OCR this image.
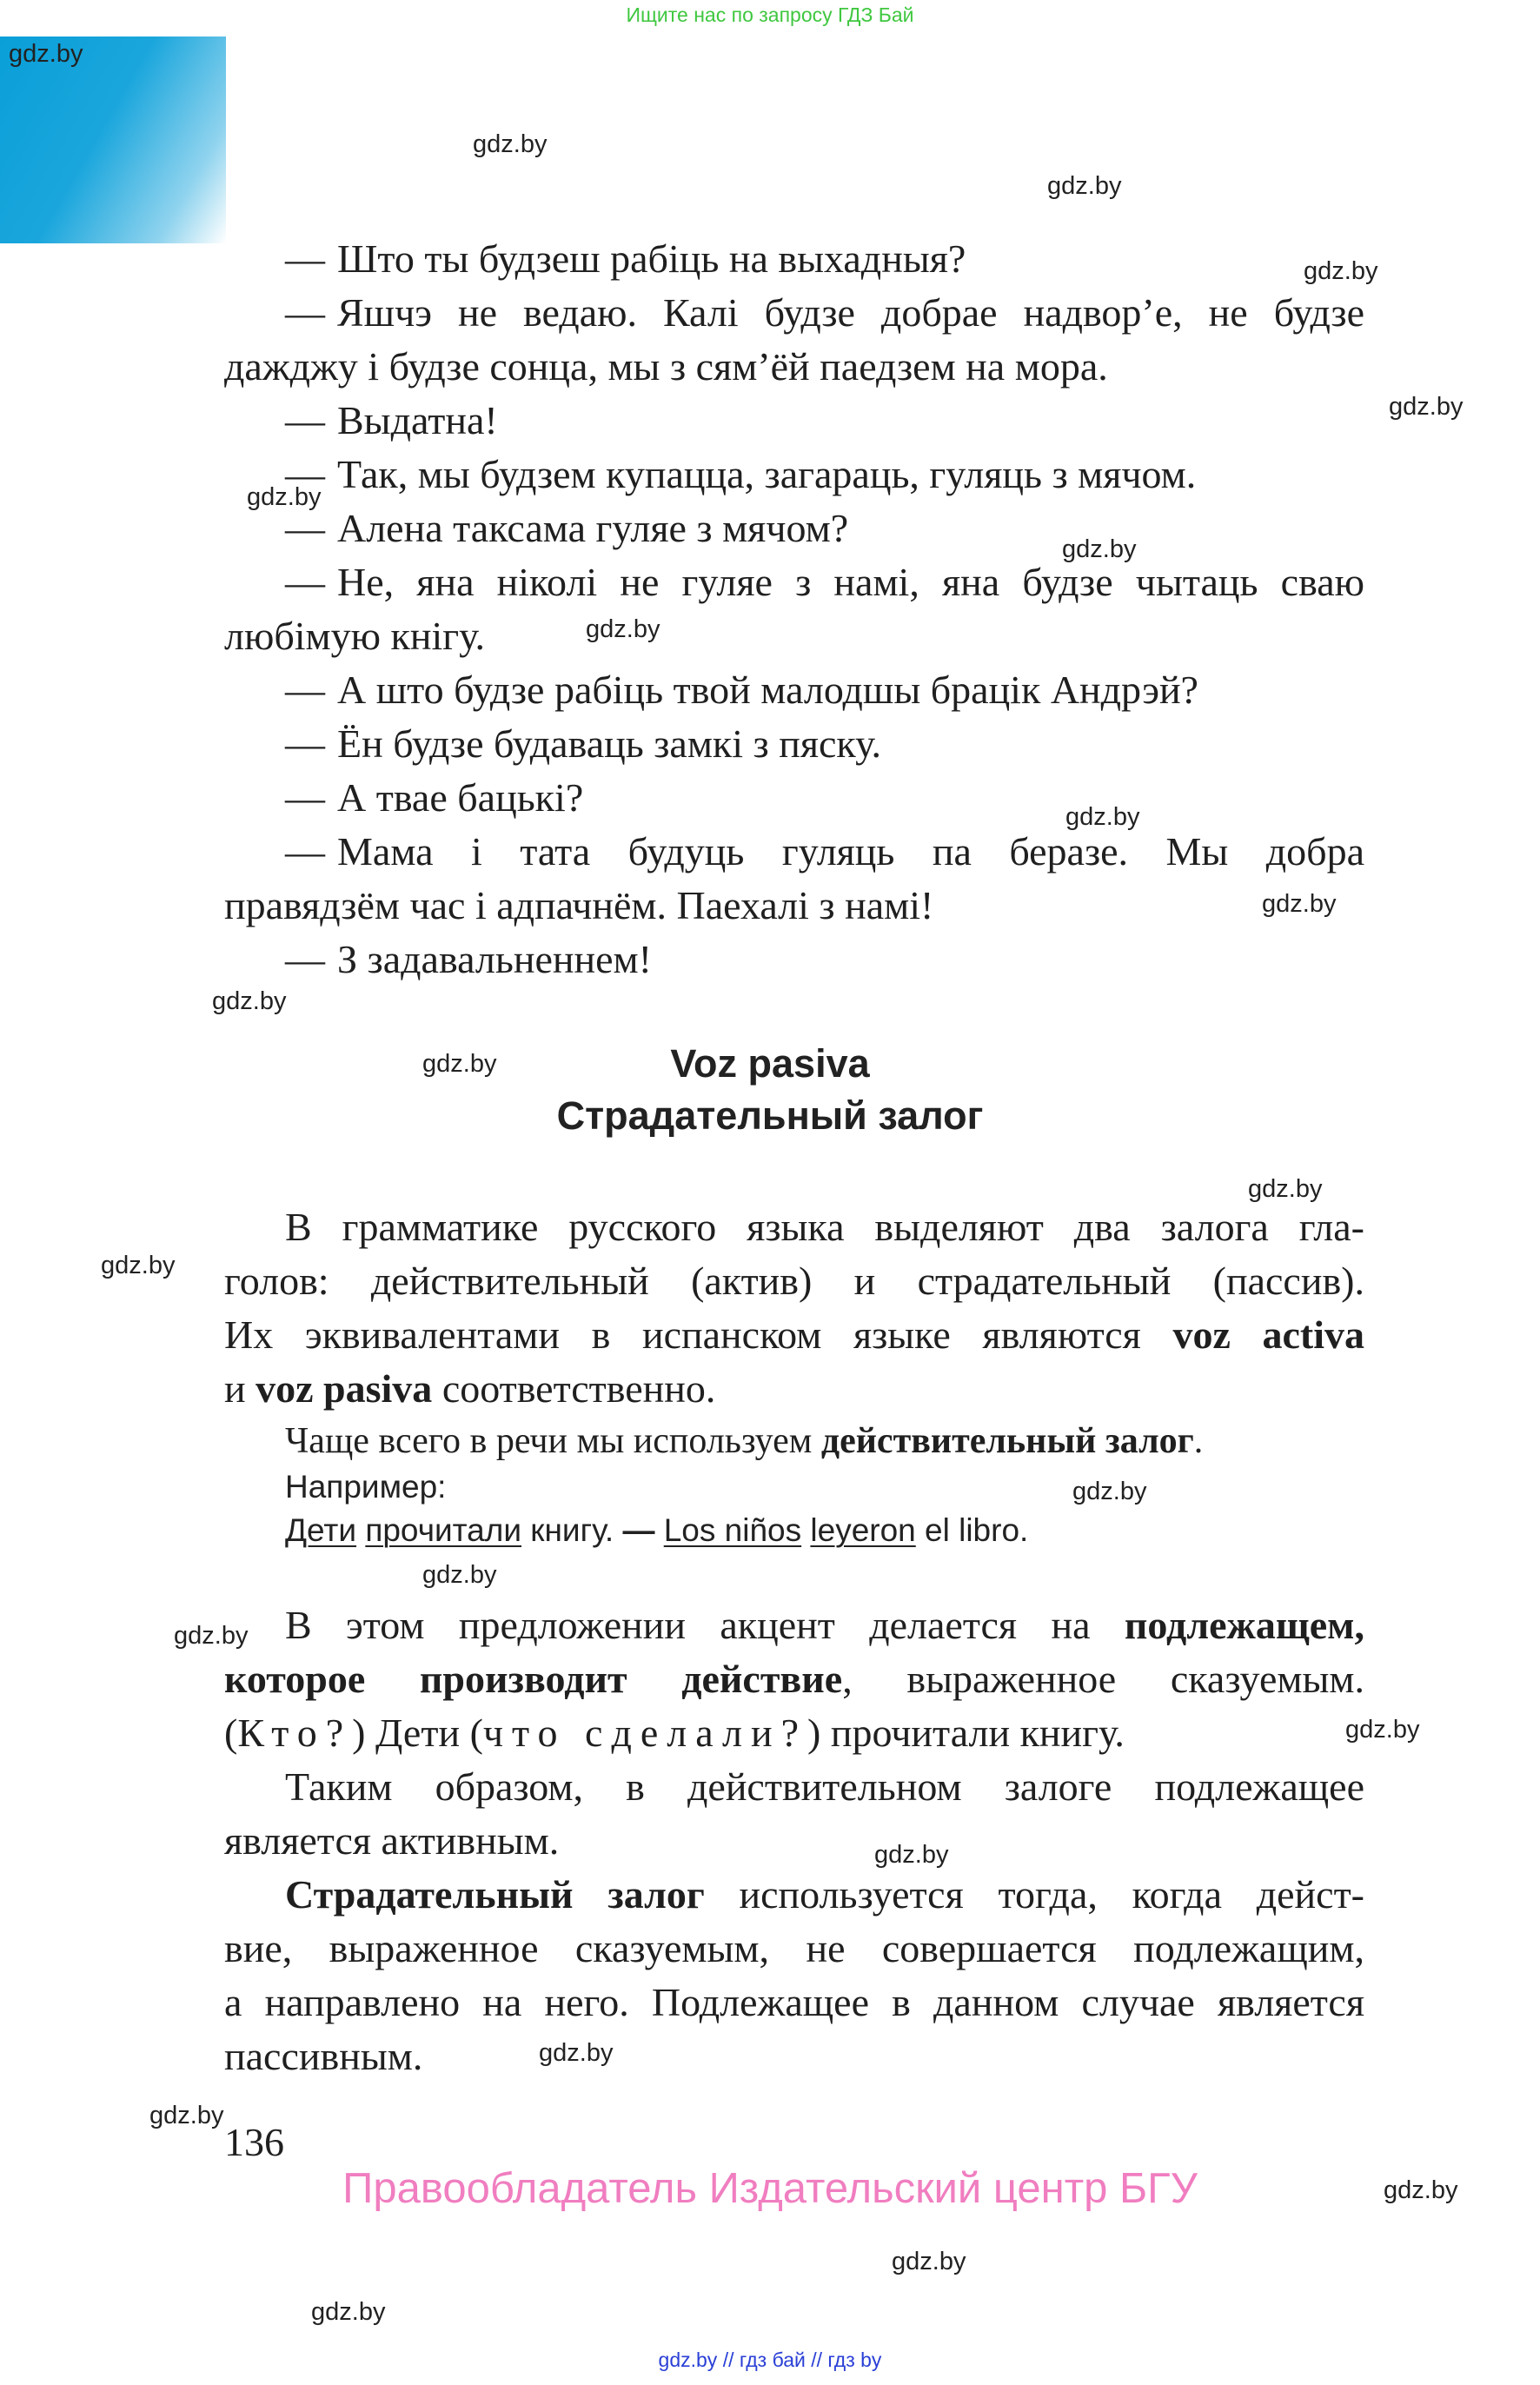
Ищите нас по запросу ГДЗ Бай
gdz.by
gdz.by
gdz.by
gdz.by
gdz.by
gdz.by
gdz.by
gdz.by
gdz.by
gdz.by
gdz.by
gdz.by
gdz.by
gdz.by
gdz.by
gdz.by
gdz.by
gdz.by
gdz.by
gdz.by
gdz.by
gdz.by
gdz.by
gdz.by
— Што ты будзеш рабіць на выхадныя?
— Яшчэ не ведаю. Калі будзе добрае надвор’е, не будзе
дажджу і будзе сонца, мы з сям’ёй паедзем на мора.
— Выдатна!
— Так, мы будзем купацца, загараць, гуляць з мячом.
— Алена таксама гуляе з мячом?
— Не, яна ніколі не гуляе з намі, яна будзе чытаць сваю
любімую кнігу.
— А што будзе рабіць твой малодшы брацік Андрэй?
— Ён будзе будаваць замкі з пяску.
— А твае бацькі?
— Мама і тата будуць гуляць па беразе. Мы добра
правядзём час і адпачнём. Паехалі з намі!
— З задавальненнем!
Voz pasiva
Страдательный залог
В грамматике русского языка выделяют два залога гла-
голов: действительный (актив) и страдательный (пассив).
Их эквивалентами в испанском языке являются voz activa
и voz pasiva соответственно.
Чаще всего в речи мы используем действительный залог.
Например:
Дети прочитали книгу. — Los niños leyeron el libro.
В этом предложении акцент делается на подлежащем,
которое производит действие, выраженное сказуемым.
(Кто?) Дети (что сделали?) прочитали книгу.
Таким образом, в действительном залоге подлежащее
является активным.
Страдательный залог используется тогда, когда дейст-
вие, выраженное сказуемым, не совершается подлежащим,
а направлено на него. Подлежащее в данном случае является
пассивным.
136
Правообладатель Издательский центр БГУ
gdz.by // гдз бай // гдз by
